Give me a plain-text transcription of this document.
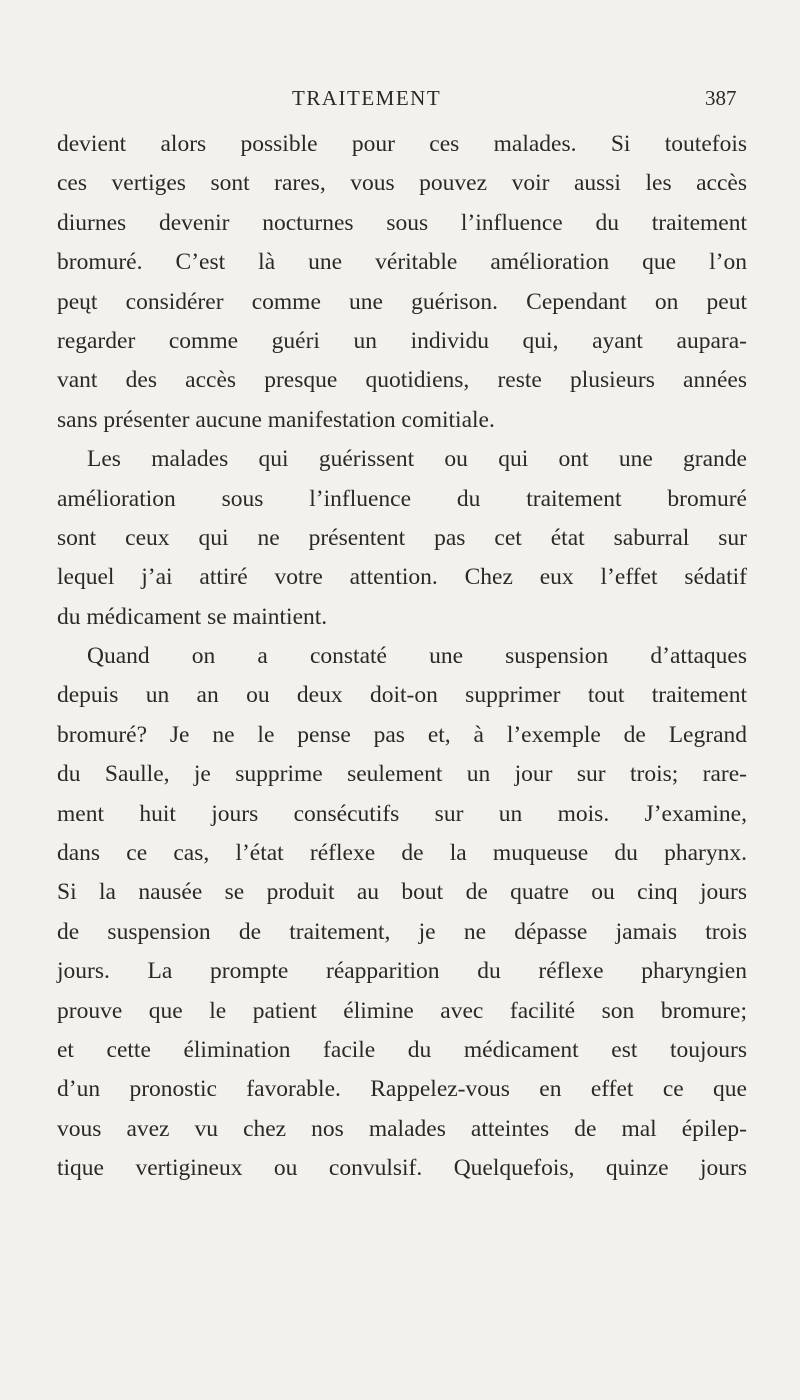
TRAITEMENT	387
devient alors possible pour ces malades. Si toutefois
ces vertiges sont rares, vous pouvez voir aussi les accès
diurnes devenir nocturnes sous l’influence du traitement
bromuré. C’est là une véritable amélioration que l’on
peųt considérer comme une guérison. Cependant on peut
regarder comme guéri un individu qui, ayant aupara-
vant des accès presque quotidiens, reste plusieurs années
sans présenter aucune manifestation comitiale.
Les malades qui guérissent ou qui ont une grande
amélioration sous l’influence du traitement bromuré
sont ceux qui ne présentent pas cet état saburral sur
lequel j’ai attiré votre attention. Chez eux l’effet sédatif
du médicament se maintient.
Quand on a constaté une suspension d’attaques
depuis un an ou deux doit-on supprimer tout traitement
bromuré? Je ne le pense pas et, à l’exemple de Legrand
du Saulle, je supprime seulement un jour sur trois; rare-
ment huit jours consécutifs sur un mois. J’examine,
dans ce cas, l’état réflexe de la muqueuse du pharynx.
Si la nausée se produit au bout de quatre ou cinq jours
de suspension de traitement, je ne dépasse jamais trois
jours. La prompte réapparition du réflexe pharyngien
prouve que le patient élimine avec facilité son bromure;
et cette élimination facile du médicament est toujours
d’un pronostic favorable. Rappelez-vous en effet ce que
vous avez vu chez nos malades atteintes de mal épilep-
tique vertigineux ou convulsif. Quelquefois, quinze jours
